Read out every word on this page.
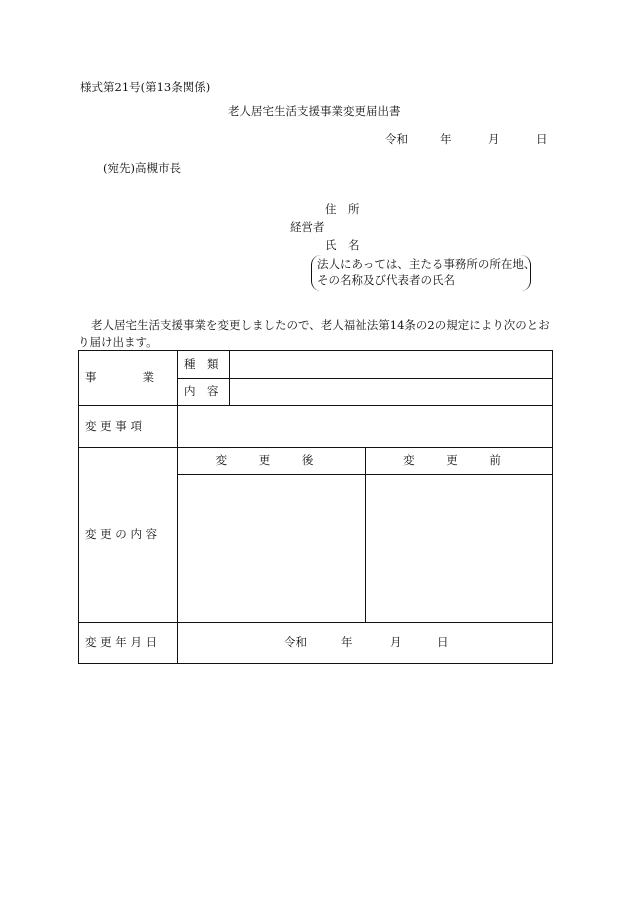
様式第21号(第13条関係)
老人居宅生活支援事業変更届出書
令和	年	月	日
(宛先)高槻市長
住　所
経営者
氏　名
法人にあっては、主たる事務所の所在地、
その名称及び代表者の氏名
老人居宅生活支援事業を変更しましたので、老人福祉法第14条の2の規定により次のとお
り届け出ます。
事　　　　業	種　類		
	内　容		
変 更 事 項			
変 更 の 内 容	変 更 後		変 更 前

変 更 年 月 日	令和 年 月 日		
